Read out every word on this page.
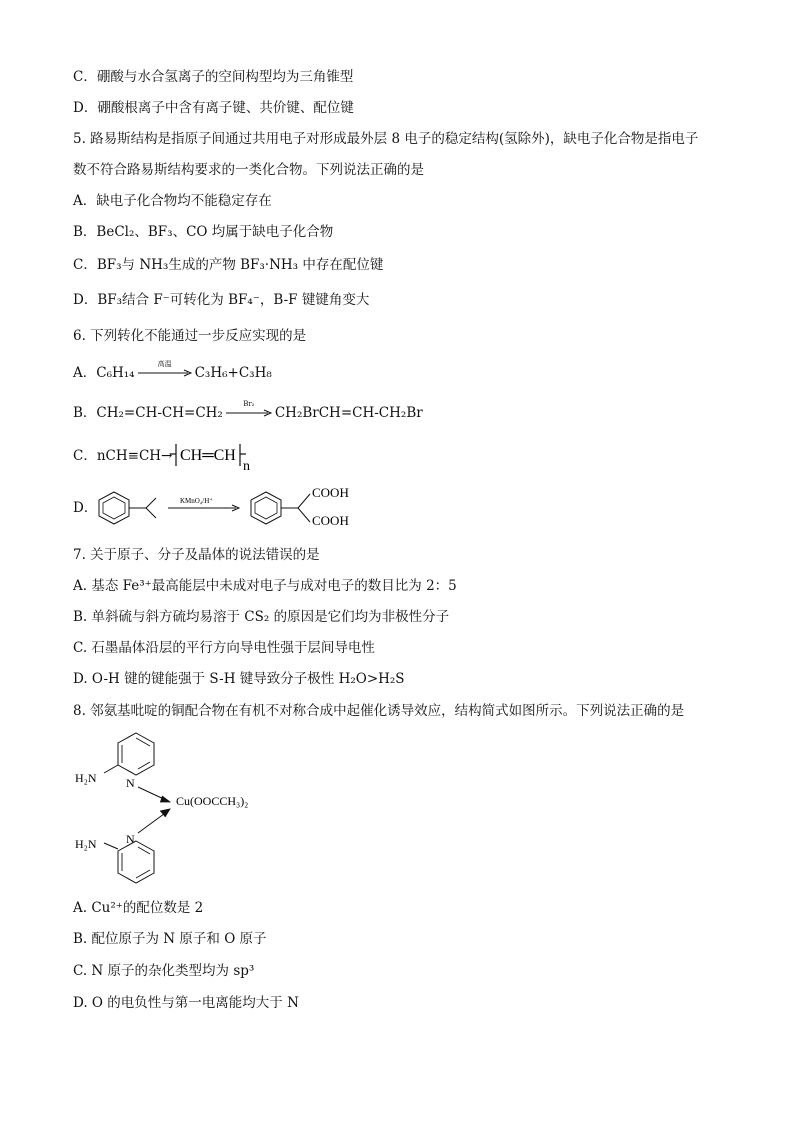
C．硼酸与水合氢离子的空间构型均为三角锥型
D．硼酸根离子中含有离子键、共价键、配位键
5. 路易斯结构是指原子间通过共用电子对形成最外层 8 电子的稳定结构(氢除外)，缺电子化合物是指电子
数不符合路易斯结构要求的一类化合物。下列说法正确的是
A．缺电子化合物均不能稳定存在
B．BeCl₂、BF₃、CO 均属于缺电子化合物
C．BF₃与 NH₃生成的产物 BF₃·NH₃ 中存在配位键
D．BF₃结合 F⁻可转化为 BF₄⁻，B-F 键键角变大
6. 下列转化不能通过一步反应实现的是
A．C₆H₁₄
高温
C₃H₆+C₃H₈
B．CH₂=CH-CH=CH₂
Br₂
CH₂BrCH=CH-CH₂Br
C．nCH≡CH→ CH═CH
n
D．	KMnO₄/H⁺
COOH
COOH
7. 关于原子、分子及晶体的说法错误的是
A. 基态 Fe³⁺最高能层中未成对电子与成对电子的数目比为 2：5
B. 单斜硫与斜方硫均易溶于 CS₂ 的原因是它们均为非极性分子
C. 石墨晶体沿层的平行方向导电性强于层间导电性
D. O-H 键的键能强于 S-H 键导致分子极性 H₂O>H₂S
8. 邻氨基吡啶的铜配合物在有机不对称合成中起催化诱导效应，结构简式如图所示。下列说法正确的是
H₂N N
Cu(OOCCH₃)₂
N
H₂N
A. Cu²⁺的配位数是 2
B. 配位原子为 N 原子和 O 原子
C. N 原子的杂化类型均为 sp³
D. O 的电负性与第一电离能均大于 N
